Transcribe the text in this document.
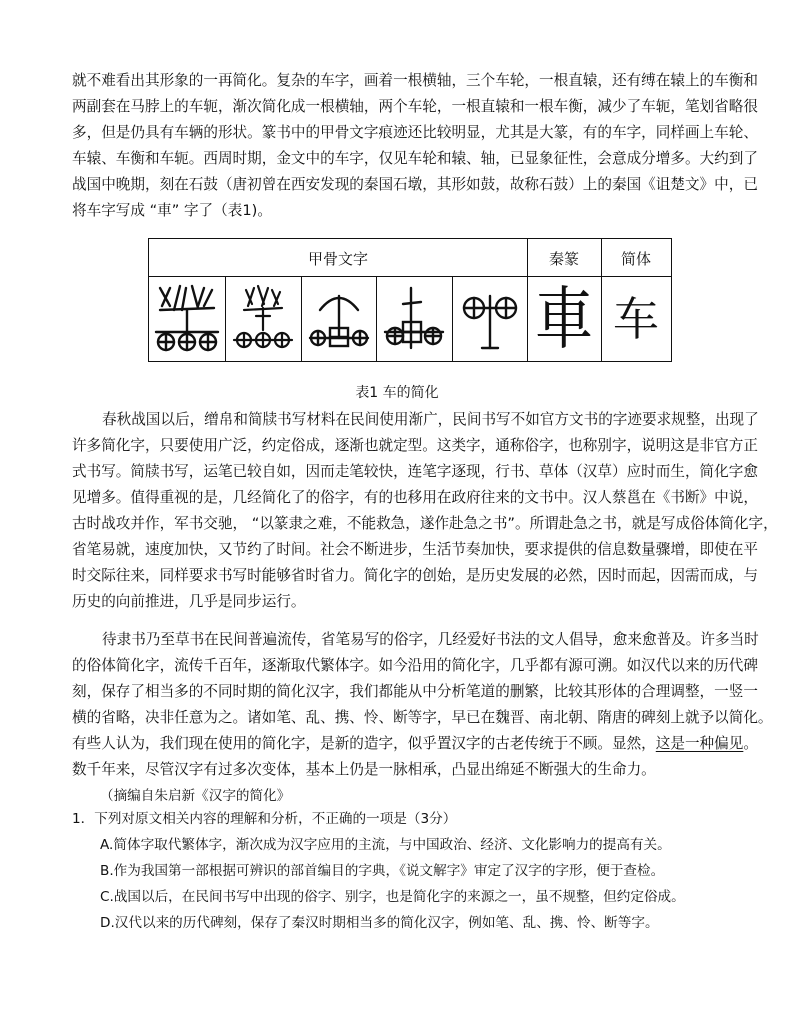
就不难看出其形象的一再简化。复杂的车字，画着一根横轴，三个车轮，一根直辕，还有缚在辕上的车衡和

两副套在马脖上的车轭，渐次简化成一根横轴，两个车轮，一根直辕和一根车衡，减少了车轭，笔划省略很

多，但是仍具有车辆的形状。篆书中的甲骨文字痕迹还比较明显，尤其是大篆，有的车字，同样画上车轮、

车辕、车衡和车轭。西周时期，金文中的车字，仅见车轮和辕、轴，已显象征性，会意成分增多。大约到了

战国中晚期，刻在石鼓（唐初曾在西安发现的秦国石墩，其形如鼓，故称石鼓）上的秦国《诅楚文》中，已

将车字写成 “車” 字了（表1)。

甲骨文字	秦篆	简体
車 车
表1 车的简化

春秋战国以后，缯帛和简牍书写材料在民间使用渐广，民间书写不如官方文书的字迹要求规整，出现了

许多简化字，只要使用广泛，约定俗成，逐渐也就定型。这类字，通称俗字，也称别字，说明这是非官方正

式书写。简牍书写，运笔已较自如，因而走笔较快，连笔字逐现，行书、草体（汉草）应时而生，简化字愈

见增多。值得重视的是，几经简化了的俗字，有的也移用在政府往来的文书中。汉人蔡邕在《书断》中说，

古时战攻并作，军书交驰， “以篆隶之难，不能救急，遂作赴急之书”。所谓赴急之书，就是写成俗体简化字，

省笔易就，速度加快，又节约了时间。社会不断进步，生活节奏加快，要求提供的信息数量骤增，即使在平

时交际往来，同样要求书写时能够省时省力。简化字的创始，是历史发展的必然，因时而起，因需而成，与

历史的向前推进，几乎是同步运行。

待隶书乃至草书在民间普遍流传，省笔易写的俗字，几经爱好书法的文人倡导，愈来愈普及。许多当时

的俗体简化字，流传千百年，逐渐取代繁体字。如今沿用的简化字，几乎都有源可溯。如汉代以来的历代碑

刻，保存了相当多的不同时期的简化汉字，我们都能从中分析笔道的删繁，比较其形体的合理调整，一竖一

横的省略，决非任意为之。诸如笔、乱、携、怜、断等字，早已在魏晋、南北朝、隋唐的碑刻上就予以简化。

有些人认为，我们现在使用的简化字，是新的造字，似乎置汉字的古老传统于不顾。显然，这是一种偏见。

数千年来，尽管汉字有过多次变体，基本上仍是一脉相承，凸显出绵延不断强大的生命力。

（摘编自朱启新《汉字的简化》

1．下列对原文相关内容的理解和分析，不正确的一项是（3分）

A.简体字取代繁体字，渐次成为汉字应用的主流，与中国政治、经济、文化影响力的提高有关。

B.作为我国第一部根据可辨识的部首编目的字典，《说文解字》审定了汉字的字形，便于查检。

C.战国以后，在民间书写中出现的俗字、别字，也是简化字的来源之一，虽不规整，但约定俗成。

D.汉代以来的历代碑刻，保存了秦汉时期相当多的简化汉字，例如笔、乱、携、怜、断等字。
